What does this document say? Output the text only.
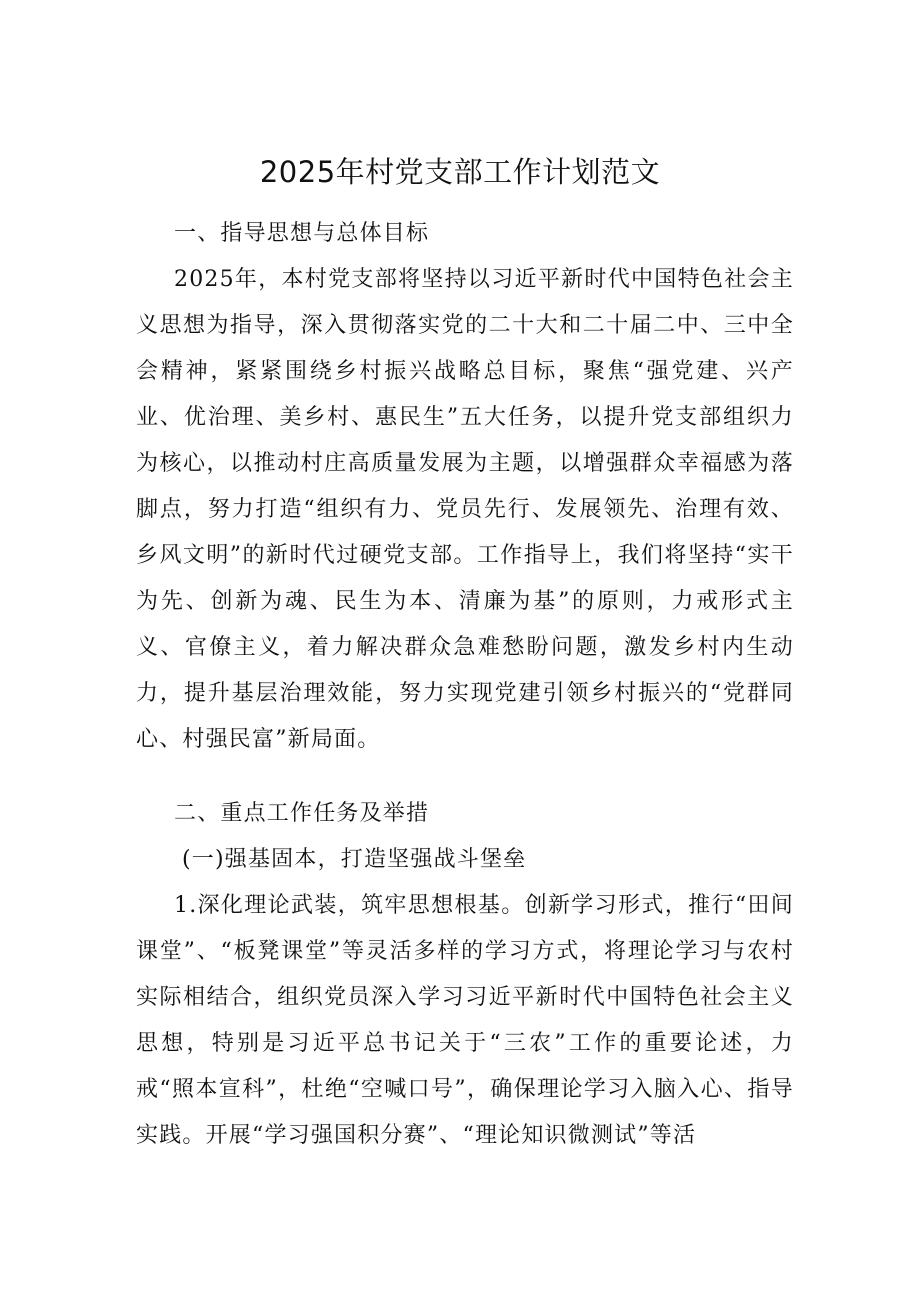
2025年村党支部工作计划范文
一、指导思想与总体目标
2025年，本村党支部将坚持以习近平新时代中国特色社会主义思想为指导，深入贯彻落实党的二十大和二十届二中、三中全会精神，紧紧围绕乡村振兴战略总目标，聚焦“强党建、兴产业、优治理、美乡村、惠民生”五大任务，以提升党支部组织力为核心，以推动村庄高质量发展为主题，以增强群众幸福感为落脚点，努力打造“组织有力、党员先行、发展领先、治理有效、乡风文明”的新时代过硬党支部。工作指导上，我们将坚持“实干为先、创新为魂、民生为本、清廉为基”的原则，力戒形式主义、官僚主义，着力解决群众急难愁盼问题，激发乡村内生动力，提升基层治理效能，努力实现党建引领乡村振兴的“党群同心、村强民富”新局面。
二、重点工作任务及举措
(一)强基固本，打造坚强战斗堡垒
1.深化理论武装，筑牢思想根基。创新学习形式，推行“田间课堂”、“板凳课堂”等灵活多样的学习方式，将理论学习与农村实际相结合，组织党员深入学习习近平新时代中国特色社会主义思想，特别是习近平总书记关于“三农”工作的重要论述，力戒“照本宣科”，杜绝“空喊口号”，确保理论学习入脑入心、指导实践。开展“学习强国积分赛”、“理论知识微测试”等活
